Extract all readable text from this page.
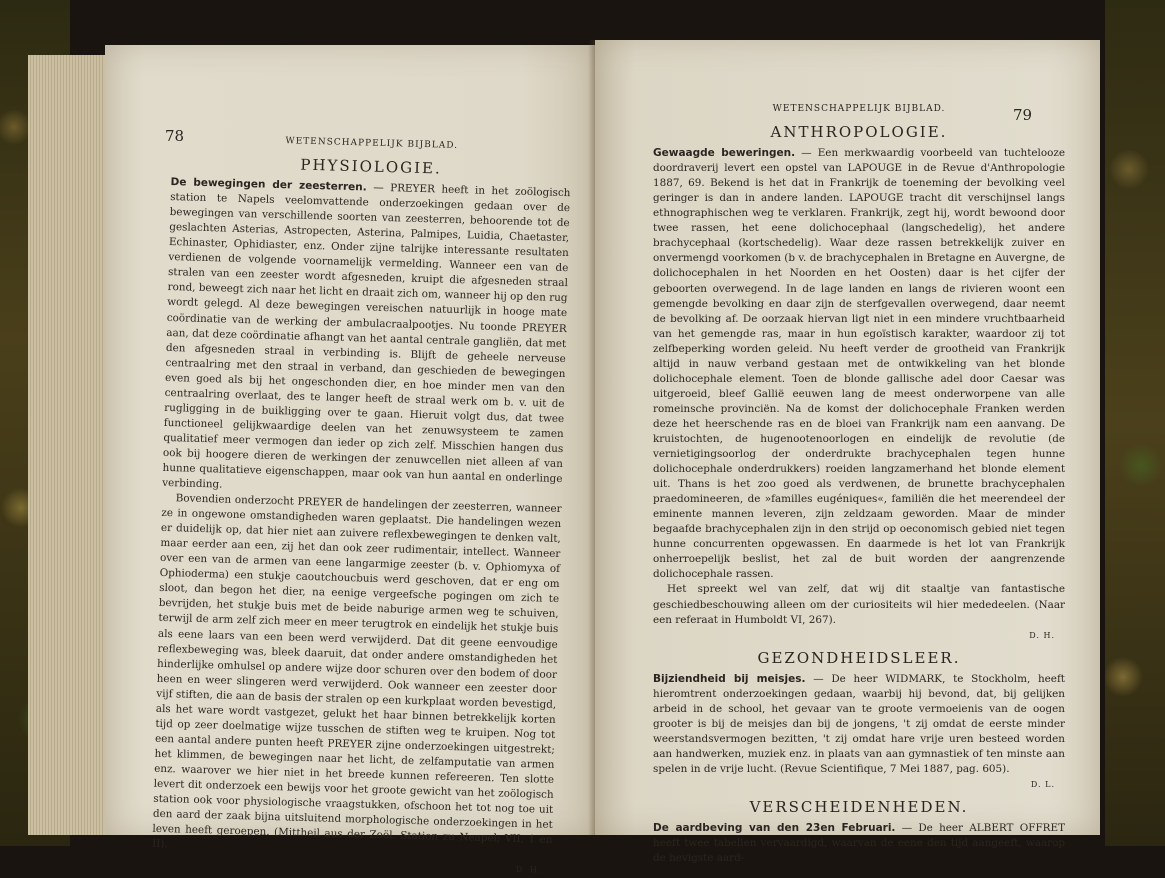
78	WETENSCHAPPELIJK BIJBLAD.
PHYSIOLOGIE.

De bewegingen der zeesterren. — PREYER heeft in het zoölogisch station te Napels veelomvattende onderzoekingen gedaan over de bewegingen van verschillende soorten van zeesterren, behoorende tot de geslachten Asterias, Astropecten, Asterina, Palmipes, Luidia, Chaetaster, Echinaster, Ophidiaster, enz. Onder zijne talrijke interessante resultaten verdienen de volgende voornamelijk vermelding. Wanneer een van de stralen van een zeester wordt afgesneden, kruipt die afgesneden straal rond, beweegt zich naar het licht en draait zich om, wanneer hij op den rug wordt gelegd. Al deze bewegingen vereischen natuurlijk in hooge mate coördinatie van de werking der ambulacraalpootjes. Nu toonde PREYER aan, dat deze coördinatie afhangt van het aantal centrale gangliën, dat met den afgesneden straal in verbinding is. Blijft de geheele nerveuse centraalring met den straal in verband, dan geschieden de bewegingen even goed als bij het ongeschonden dier, en hoe minder men van den centraalring overlaat, des te langer heeft de straal werk om b. v. uit de rugligging in de buikligging over te gaan. Hieruit volgt dus, dat twee functioneel gelijkwaardige deelen van het zenuwsysteem te zamen qualitatief meer vermogen dan ieder op zich zelf. Misschien hangen dus ook bij hoogere dieren de werkingen der zenuwcellen niet alleen af van hunne qualitatieve eigenschappen, maar ook van hun aantal en onderlinge verbinding.

Bovendien onderzocht PREYER de handelingen der zeesterren, wanneer ze in ongewone omstandigheden waren geplaatst. Die handelingen wezen er duidelijk op, dat hier niet aan zuivere reflexbewegingen te denken valt, maar eerder aan een, zij het dan ook zeer rudimentair, intellect. Wanneer over een van de armen van eene langarmige zeester (b. v. Ophiomyxa of Ophioderma) een stukje caoutchoucbuis werd geschoven, dat er eng om sloot, dan begon het dier, na eenige vergeefsche pogingen om zich te bevrijden, het stukje buis met de beide naburige armen weg te schuiven, terwijl de arm zelf zich meer en meer terugtrok en eindelijk het stukje buis als eene laars van een been werd verwijderd. Dat dit geene eenvoudige reflexbeweging was, bleek daaruit, dat onder andere omstandigheden het hinderlijke omhulsel op andere wijze door schuren over den bodem of door heen en weer slingeren werd verwijderd. Ook wanneer een zeester door vijf stiften, die aan de basis der stralen op een kurkplaat worden bevestigd, als het ware wordt vastgezet, gelukt het haar binnen betrekkelijk korten tijd op zeer doelmatige wijze tusschen de stiften weg te kruipen. Nog tot een aantal andere punten heeft PREYER zijne onderzoekingen uitgestrekt; het klimmen, de bewegingen naar het licht, de zelfamputatie van armen enz. waarover we hier niet in het breede kunnen refereeren. Ten slotte levert dit onderzoek een bewijs voor het groote gewicht van het zoölogisch station ook voor physiologische vraagstukken, ofschoon het tot nog toe uit den aard der zaak bijna uitsluitend morphologische onderzoekingen in het leven heeft geroepen. (Mittheil aus der Zoöl. Station zu Neapel; VII, 1 en II).

D. H.
79
WETENSCHAPPELIJK BIJBLAD.
ANTHROPOLOGIE.

Gewaagde beweringen. — Een merkwaardig voorbeeld van tuchtelooze doordraverij levert een opstel van LAPOUGE in de Revue d'Anthropologie 1887, 69. Bekend is het dat in Frankrijk de toeneming der bevolking veel geringer is dan in andere landen. LAPOUGE tracht dit verschijnsel langs ethnographischen weg te verklaren. Frankrijk, zegt hij, wordt bewoond door twee rassen, het eene dolichocephaal (langschedelig), het andere brachycephaal (kortschedelig). Waar deze rassen betrekkelijk zuiver en onvermengd voorkomen (b v. de brachycephalen in Bretagne en Auvergne, de dolichocephalen in het Noorden en het Oosten) daar is het cijfer der geboorten overwegend. In de lage landen en langs de rivieren woont een gemengde bevolking en daar zijn de sterfgevallen overwegend, daar neemt de bevolking af. De oorzaak hiervan ligt niet in een mindere vruchtbaarheid van het gemengde ras, maar in hun egoïstisch karakter, waardoor zij tot zelfbeperking worden geleid. Nu heeft verder de grootheid van Frankrijk altijd in nauw verband gestaan met de ontwikkeling van het blonde dolichocephale element. Toen de blonde gallische adel door Caesar was uitgeroeid, bleef Gallië eeuwen lang de meest onderworpene van alle romeinsche provinciën. Na de komst der dolichocephale Franken werden deze het heerschende ras en de bloei van Frankrijk nam een aanvang. De kruistochten, de hugenootenoorlogen en eindelijk de revolutie (de vernietigingsoorlog der onderdrukte brachycephalen tegen hunne dolichocephale onderdrukkers) roeiden langzamerhand het blonde element uit. Thans is het zoo goed als verdwenen, de brunette brachycephalen praedomineeren, de »familles eugéniques«, familiën die het meerendeel der eminente mannen leveren, zijn zeldzaam geworden. Maar de minder begaafde brachycephalen zijn in den strijd op oeconomisch gebied niet tegen hunne concurrenten opgewassen. En daarmede is het lot van Frankrijk onherroepelijk beslist, het zal de buit worden der aangrenzende dolichocephale rassen.

Het spreekt wel van zelf, dat wij dit staaltje van fantastische geschiedbeschouwing alleen om der curiositeits wil hier mededeelen. (Naar een referaat in Humboldt VI, 267).

D. H.
GEZONDHEIDSLEER.

Bijziendheid bij meisjes. — De heer WIDMARK, te Stockholm, heeft hieromtrent onderzoekingen gedaan, waarbij hij bevond, dat, bij gelijken arbeid in de school, het gevaar van te groote vermoeienis van de oogen grooter is bij de meisjes dan bij de jongens, 't zij omdat de eerste minder weerstandsvermogen bezitten, 't zij omdat hare vrije uren besteed worden aan handwerken, muziek enz. in plaats van aan gymnastiek of ten minste aan spelen in de vrije lucht. (Revue Scientifique, 7 Mei 1887, pag. 605).

D. L.
VERSCHEIDENHEDEN.

De aardbeving van den 23en Februari. — De heer ALBERT OFFRET heeft twee tabellen vervaardigd, waarvan de eene den tijd aangeeft, waarop de hevigste aard-
